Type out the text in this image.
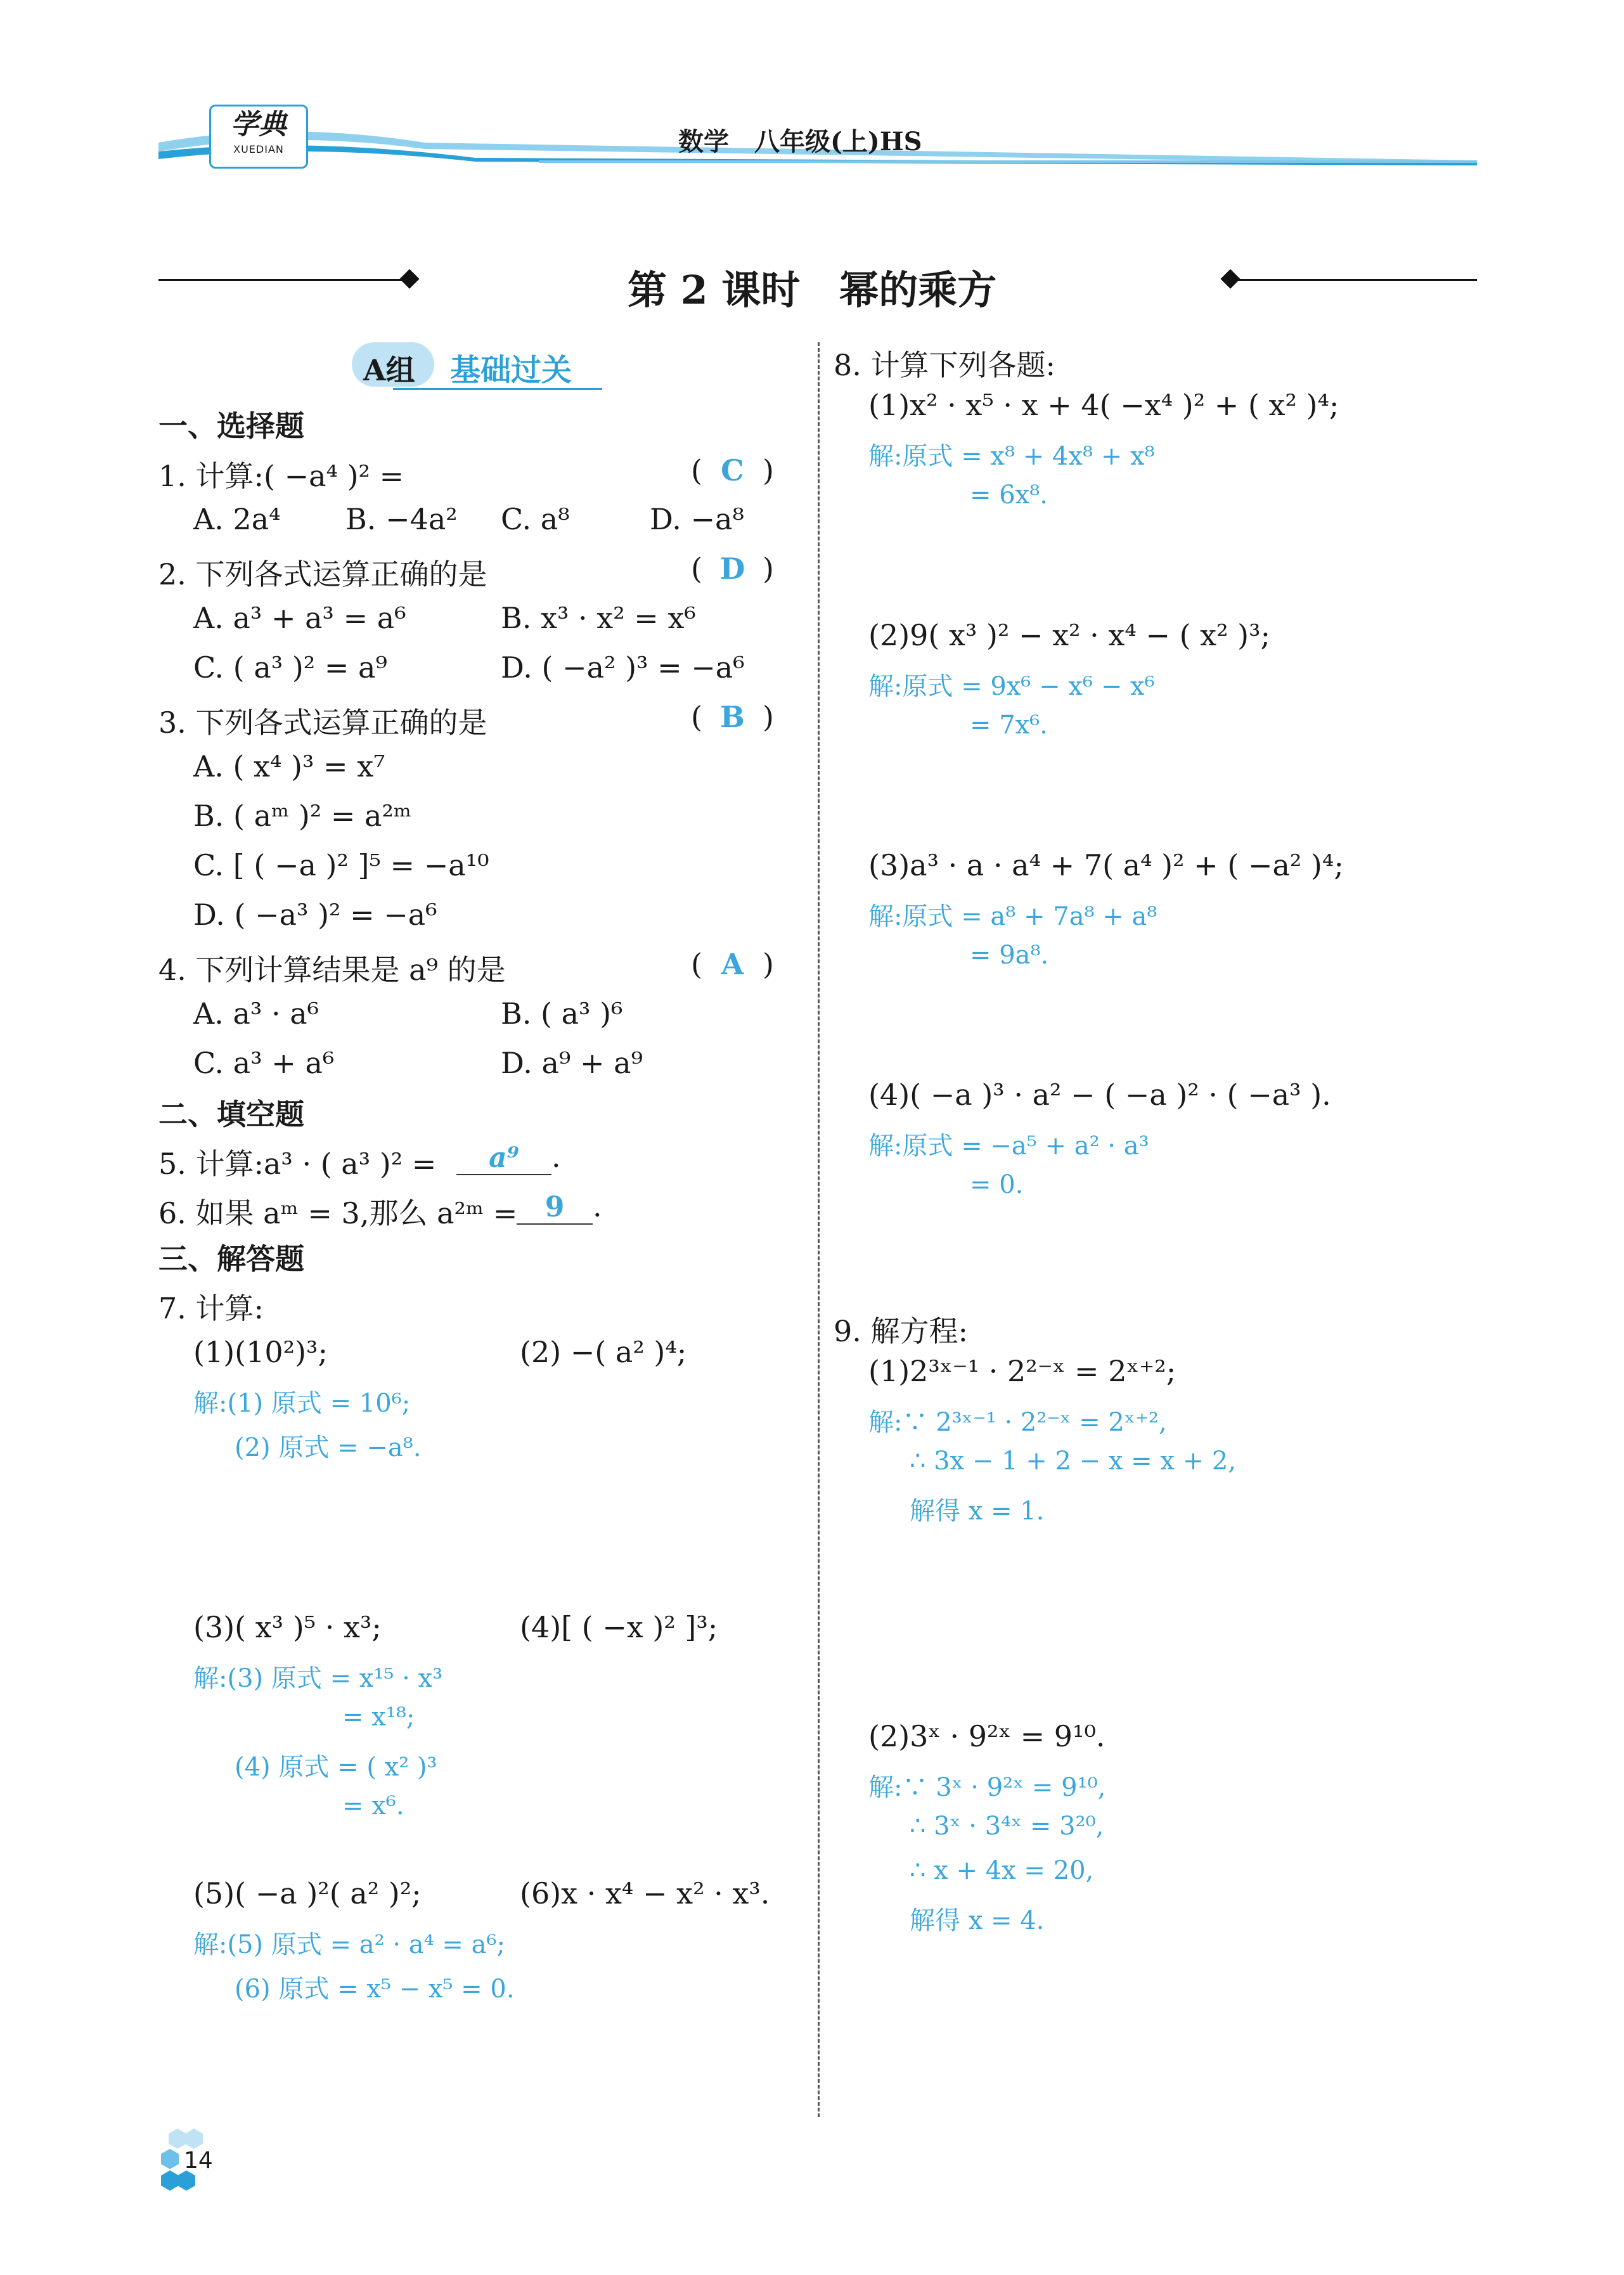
学典
XUEDIAN	数学　八年级(上)HS
第 2 课时　幂的乘方
A组 基础过关
一、选择题
1. 计算:( −a⁴ )² =	( C )
A. 2a⁴ B. −4a² C. a⁸	D. −a⁸
2. 下列各式运算正确的是	( D )
A. a³ + a³ = a⁶	B. x³ · x² = x⁶
C. ( a³ )² = a⁹	D. ( −a² )³ = −a⁶
3. 下列各式运算正确的是	( B )
A. ( x⁴ )³ = x⁷
B. ( aᵐ )² = a²ᵐ
C. [ ( −a )² ]⁵ = −a¹⁰
D. ( −a³ )² = −a⁶
4. 下列计算结果是 a⁹ 的是	( A )
A. a³ · a⁶	B. ( a³ )⁶
C. a³ + a⁶	D. a⁹ + a⁹
二、填空题
5. 计算:a³ · ( a³ )² =	a⁹ .
6. 如果 aᵐ = 3,那么 a²ᵐ = 9 .
三、解答题
7. 计算:
(1)(10²)³;	(2) −( a² )⁴;
解:(1) 原式 = 10⁶;
(2) 原式 = −a⁸.
(3)( x³ )⁵ · x³;	(4)[ ( −x )² ]³;
解:(3) 原式 = x¹⁵ · x³
= x¹⁸;
(4) 原式 = ( x² )³
= x⁶.
(5)( −a )²( a² )²;	(6)x · x⁴ − x² · x³.
解:(5) 原式 = a² · a⁴ = a⁶;
(6) 原式 = x⁵ − x⁵ = 0.
8. 计算下列各题:
(1)x² · x⁵ · x + 4( −x⁴ )² + ( x² )⁴;
解:原式 = x⁸ + 4x⁸ + x⁸
= 6x⁸.
(2)9( x³ )² − x² · x⁴ − ( x² )³;
解:原式 = 9x⁶ − x⁶ − x⁶
= 7x⁶.
(3)a³ · a · a⁴ + 7( a⁴ )² + ( −a² )⁴;
解:原式 = a⁸ + 7a⁸ + a⁸
= 9a⁸.
(4)( −a )³ · a² − ( −a )² · ( −a³ ).
解:原式 = −a⁵ + a² · a³
= 0.
9. 解方程:
(1)2³ˣ⁻¹ · 2²⁻ˣ = 2ˣ⁺²;
解:∵ 2³ˣ⁻¹ · 2²⁻ˣ = 2ˣ⁺²,
∴ 3x − 1 + 2 − x = x + 2,
解得 x = 1.
(2)3ˣ · 9²ˣ = 9¹⁰.
解:∵ 3ˣ · 9²ˣ = 9¹⁰,
∴ 3ˣ · 3⁴ˣ = 3²⁰,
∴ x + 4x = 20,
解得 x = 4.
14
